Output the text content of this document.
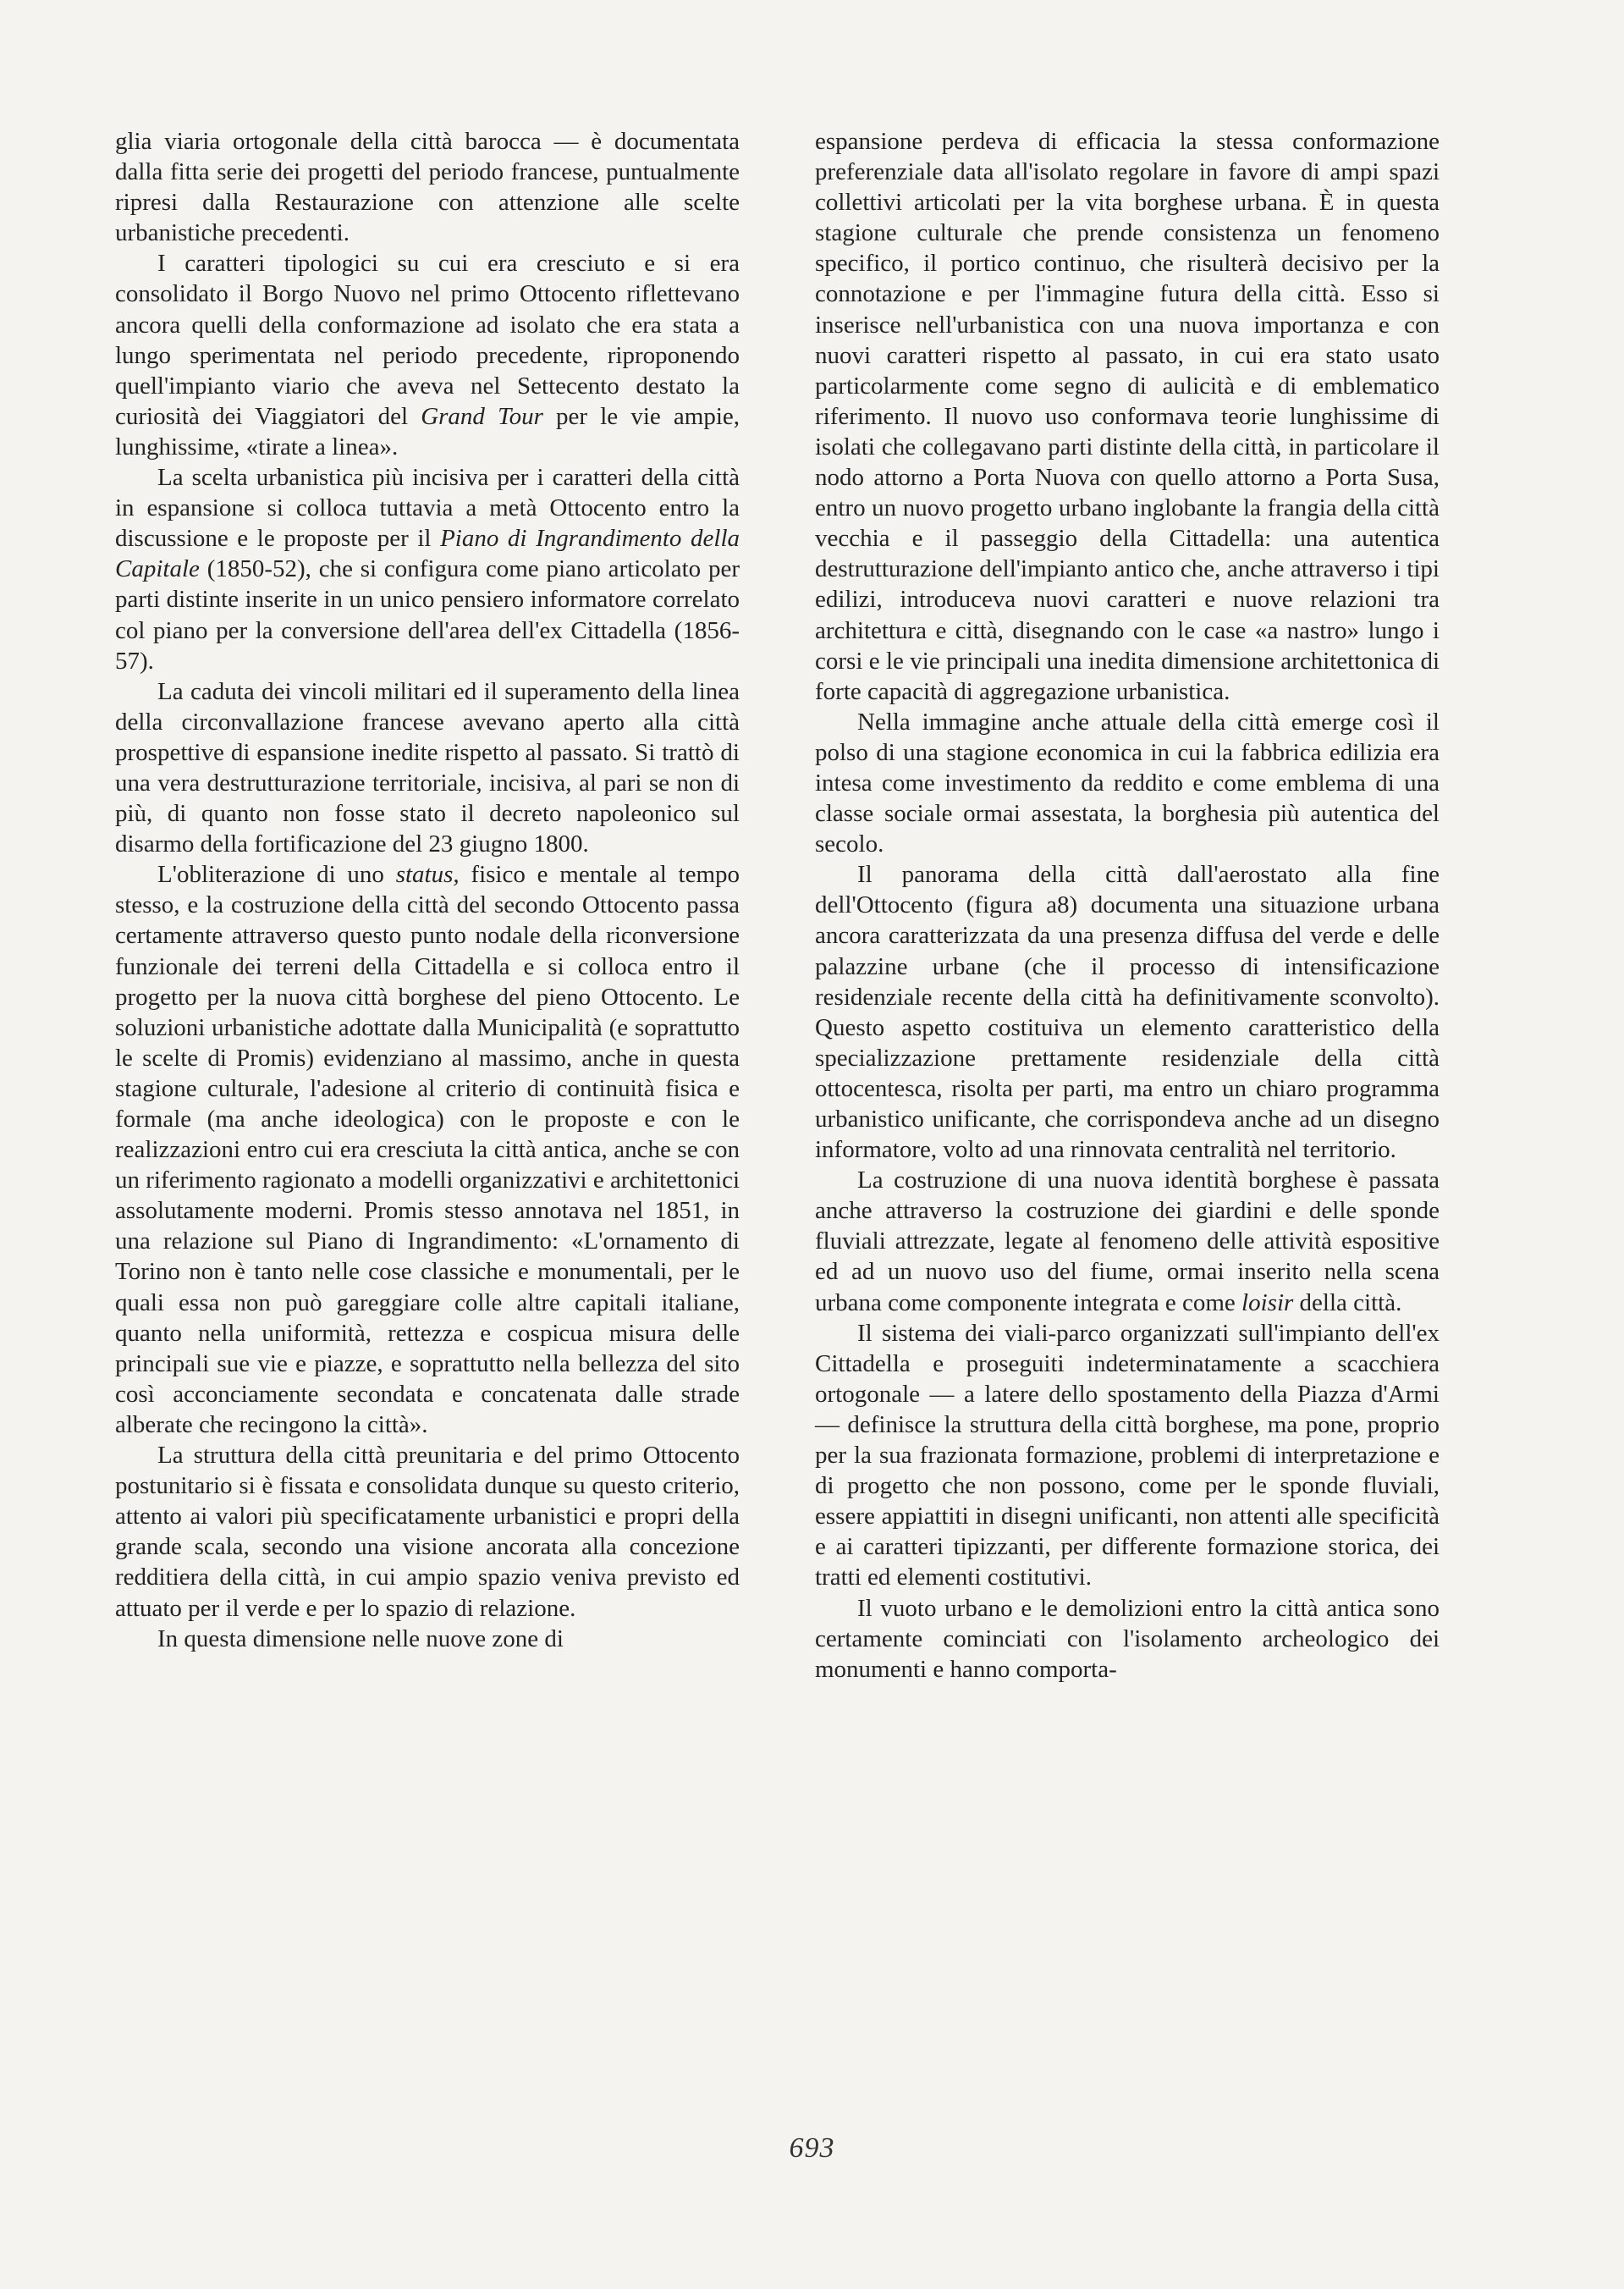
glia viaria ortogonale della città barocca — è documentata dalla fitta serie dei progetti del periodo francese, puntualmente ripresi dalla Restaurazione con attenzione alle scelte urbanistiche precedenti.

I caratteri tipologici su cui era cresciuto e si era consolidato il Borgo Nuovo nel primo Ottocento riflettevano ancora quelli della conformazione ad isolato che era stata a lungo sperimentata nel periodo precedente, riproponendo quell'impianto viario che aveva nel Settecento destato la curiosità dei Viaggiatori del Grand Tour per le vie ampie, lunghissime, «tirate a linea».

La scelta urbanistica più incisiva per i caratteri della città in espansione si colloca tuttavia a metà Ottocento entro la discussione e le proposte per il Piano di Ingrandimento della Capitale (1850-52), che si configura come piano articolato per parti distinte inserite in un unico pensiero informatore correlato col piano per la conversione dell'area dell'ex Cittadella (1856-57).

La caduta dei vincoli militari ed il superamento della linea della circonvallazione francese avevano aperto alla città prospettive di espansione inedite rispetto al passato. Si trattò di una vera destrutturazione territoriale, incisiva, al pari se non di più, di quanto non fosse stato il decreto napoleonico sul disarmo della fortificazione del 23 giugno 1800.

L'obliterazione di uno status, fisico e mentale al tempo stesso, e la costruzione della città del secondo Ottocento passa certamente attraverso questo punto nodale della riconversione funzionale dei terreni della Cittadella e si colloca entro il progetto per la nuova città borghese del pieno Ottocento. Le soluzioni urbanistiche adottate dalla Municipalità (e soprattutto le scelte di Promis) evidenziano al massimo, anche in questa stagione culturale, l'adesione al criterio di continuità fisica e formale (ma anche ideologica) con le proposte e con le realizzazioni entro cui era cresciuta la città antica, anche se con un riferimento ragionato a modelli organizzativi e architettonici assolutamente moderni. Promis stesso annotava nel 1851, in una relazione sul Piano di Ingrandimento: «L'ornamento di Torino non è tanto nelle cose classiche e monumentali, per le quali essa non può gareggiare colle altre capitali italiane, quanto nella uniformità, rettezza e cospicua misura delle principali sue vie e piazze, e soprattutto nella bellezza del sito così acconciamente secondata e concatenata dalle strade alberate che recingono la città».

La struttura della città preunitaria e del primo Ottocento postunitario si è fissata e consolidata dunque su questo criterio, attento ai valori più specificatamente urbanistici e propri della grande scala, secondo una visione ancorata alla concezione redditiera della città, in cui ampio spazio veniva previsto ed attuato per il verde e per lo spazio di relazione.

In questa dimensione nelle nuove zone di

espansione perdeva di efficacia la stessa conformazione preferenziale data all'isolato regolare in favore di ampi spazi collettivi articolati per la vita borghese urbana. È in questa stagione culturale che prende consistenza un fenomeno specifico, il portico continuo, che risulterà decisivo per la connotazione e per l'immagine futura della città. Esso si inserisce nell'urbanistica con una nuova importanza e con nuovi caratteri rispetto al passato, in cui era stato usato particolarmente come segno di aulicità e di emblematico riferimento. Il nuovo uso conformava teorie lunghissime di isolati che collegavano parti distinte della città, in particolare il nodo attorno a Porta Nuova con quello attorno a Porta Susa, entro un nuovo progetto urbano inglobante la frangia della città vecchia e il passeggio della Cittadella: una autentica destrutturazione dell'impianto antico che, anche attraverso i tipi edilizi, introduceva nuovi caratteri e nuove relazioni tra architettura e città, disegnando con le case «a nastro» lungo i corsi e le vie principali una inedita dimensione architettonica di forte capacità di aggregazione urbanistica.

Nella immagine anche attuale della città emerge così il polso di una stagione economica in cui la fabbrica edilizia era intesa come investimento da reddito e come emblema di una classe sociale ormai assestata, la borghesia più autentica del secolo.

Il panorama della città dall'aerostato alla fine dell'Ottocento (figura a8) documenta una situazione urbana ancora caratterizzata da una presenza diffusa del verde e delle palazzine urbane (che il processo di intensificazione residenziale recente della città ha definitivamente sconvolto). Questo aspetto costituiva un elemento caratteristico della specializzazione prettamente residenziale della città ottocentesca, risolta per parti, ma entro un chiaro programma urbanistico unificante, che corrispondeva anche ad un disegno informatore, volto ad una rinnovata centralità nel territorio.

La costruzione di una nuova identità borghese è passata anche attraverso la costruzione dei giardini e delle sponde fluviali attrezzate, legate al fenomeno delle attività espositive ed ad un nuovo uso del fiume, ormai inserito nella scena urbana come componente integrata e come loisir della città.

Il sistema dei viali-parco organizzati sull'impianto dell'ex Cittadella e proseguiti indeterminatamente a scacchiera ortogonale — a latere dello spostamento della Piazza d'Armi — definisce la struttura della città borghese, ma pone, proprio per la sua frazionata formazione, problemi di interpretazione e di progetto che non possono, come per le sponde fluviali, essere appiattiti in disegni unificanti, non attenti alle specificità e ai caratteri tipizzanti, per differente formazione storica, dei tratti ed elementi costitutivi.

Il vuoto urbano e le demolizioni entro la città antica sono certamente cominciati con l'isolamento archeologico dei monumenti e hanno comporta-

693
